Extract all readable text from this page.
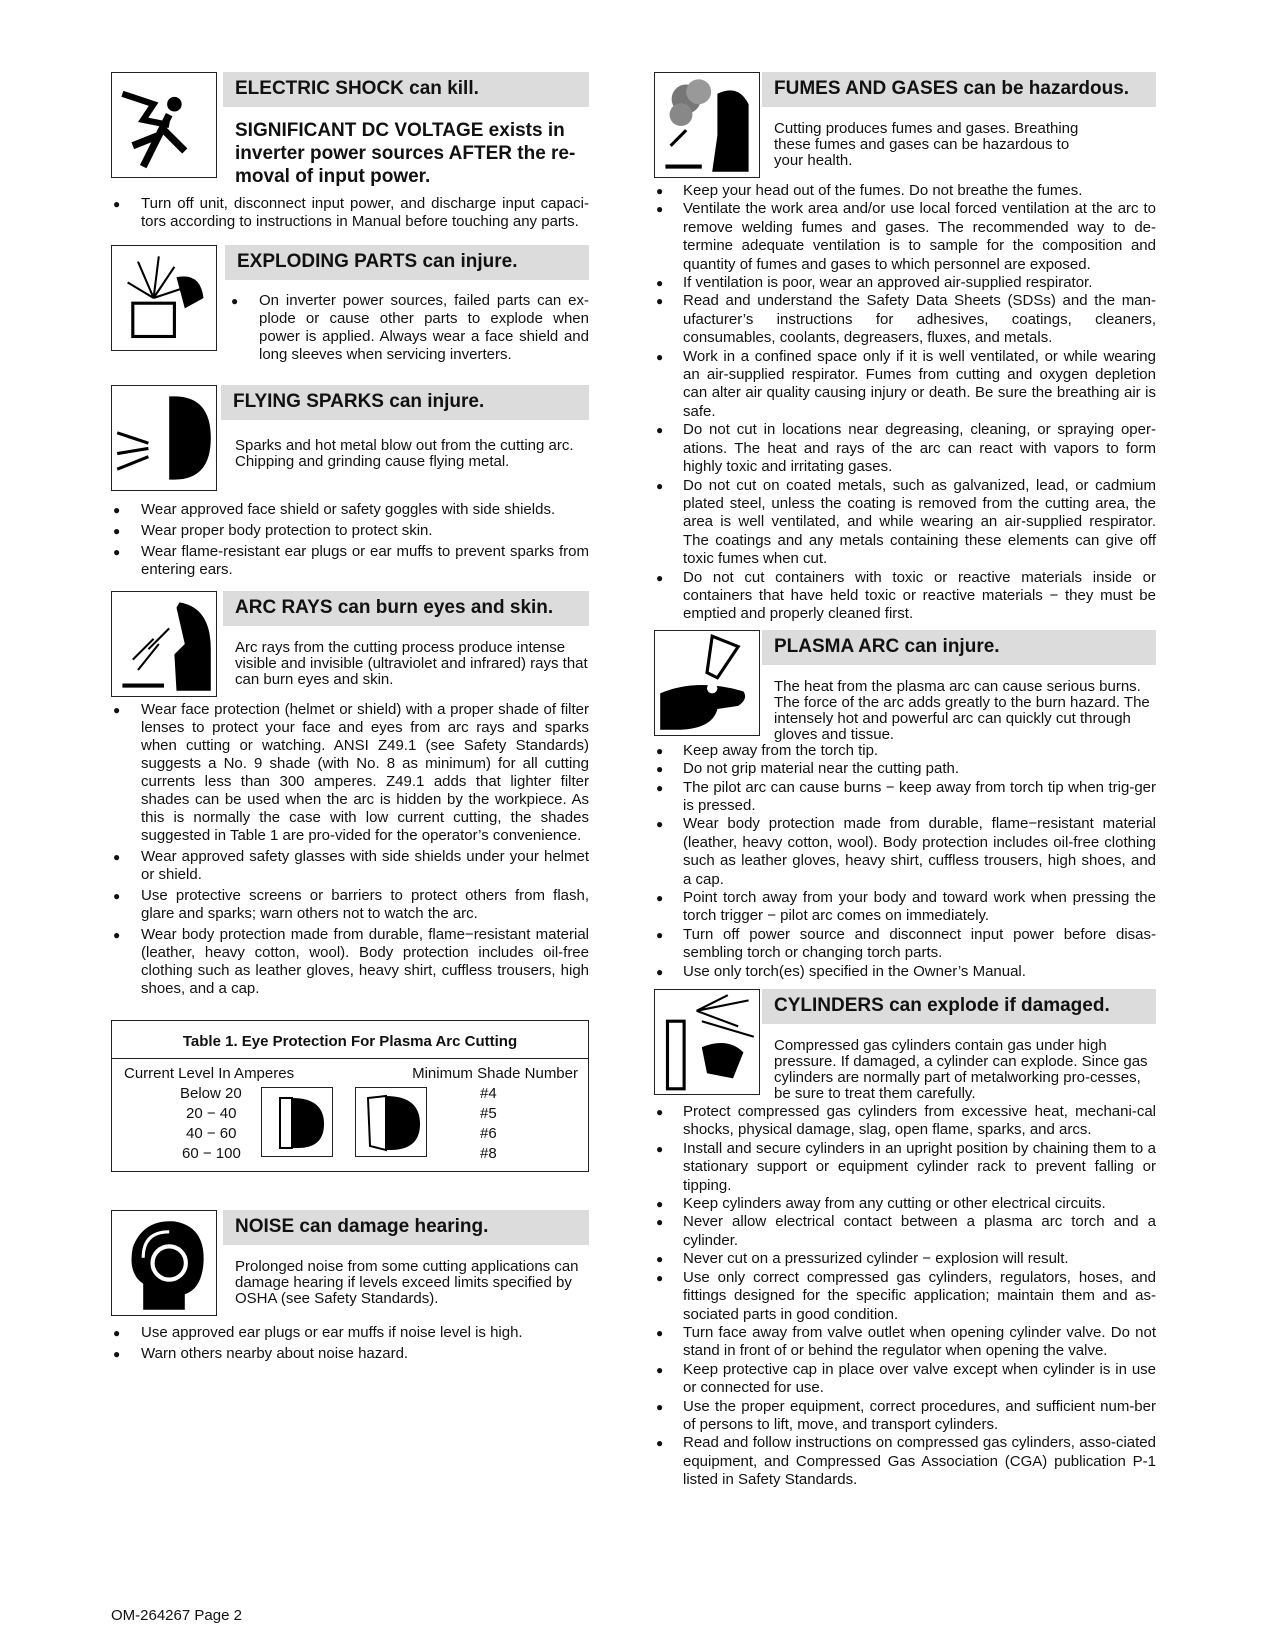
ELECTRIC SHOCK can kill.
SIGNIFICANT DC VOLTAGE exists in inverter power sources AFTER the re-moval of input power.
● Turn off unit, disconnect input power, and discharge input capaci-tors according to instructions in Manual before touching any parts.
EXPLODING PARTS can injure.
● On inverter power sources, failed parts can ex-plode or cause other parts to explode when power is applied. Always wear a face shield and long sleeves when servicing inverters.
FLYING SPARKS can injure.
Sparks and hot metal blow out from the cutting arc. Chipping and grinding cause flying metal.
● Wear approved face shield or safety goggles with side shields.
● Wear proper body protection to protect skin.
● Wear flame-resistant ear plugs or ear muffs to prevent sparks from entering ears.
ARC RAYS can burn eyes and skin.
Arc rays from the cutting process produce intense visible and invisible (ultraviolet and infrared) rays that can burn eyes and skin.
● Wear face protection (helmet or shield) with a proper shade of filter lenses to protect your face and eyes from arc rays and sparks when cutting or watching. ANSI Z49.1 (see Safety Standards) suggests a No. 9 shade (with No. 8 as minimum) for all cutting currents less than 300 amperes. Z49.1 adds that lighter filter shades can be used when the arc is hidden by the workpiece. As this is normally the case with low current cutting, the shades suggested in Table 1 are pro-vided for the operator’s convenience.
● Wear approved safety glasses with side shields under your helmet or shield.
● Use protective screens or barriers to protect others from flash, glare and sparks; warn others not to watch the arc.
● Wear body protection made from durable, flame−resistant material (leather, heavy cotton, wool). Body protection includes oil-free clothing such as leather gloves, heavy shirt, cuffless trousers, high shoes, and a cap.
Table 1. Eye Protection For Plasma Arc Cutting
Current Level In Amperes	Minimum Shade Number
Below 20
20 − 40
40 − 60
60 − 100
#4
#5
#6
#8
NOISE can damage hearing.
Prolonged noise from some cutting applications can damage hearing if levels exceed limits specified by OSHA (see Safety Standards).
● Use approved ear plugs or ear muffs if noise level is high.
● Warn others nearby about noise hazard.
FUMES AND GASES can be hazardous.
Cutting produces fumes and gases. Breathing these fumes and gases can be hazardous to your health.
● Keep your head out of the fumes. Do not breathe the fumes.
● Ventilate the work area and/or use local forced ventilation at the arc to remove welding fumes and gases. The recommended way to de-termine adequate ventilation is to sample for the composition and quantity of fumes and gases to which personnel are exposed.
● If ventilation is poor, wear an approved air-supplied respirator.
● Read and understand the Safety Data Sheets (SDSs) and the man-ufacturer’s instructions for adhesives, coatings, cleaners, consumables, coolants, degreasers, fluxes, and metals.
● Work in a confined space only if it is well ventilated, or while wearing an air-supplied respirator. Fumes from cutting and oxygen depletion can alter air quality causing injury or death. Be sure the breathing air is safe.
● Do not cut in locations near degreasing, cleaning, or spraying oper-ations. The heat and rays of the arc can react with vapors to form highly toxic and irritating gases.
● Do not cut on coated metals, such as galvanized, lead, or cadmium plated steel, unless the coating is removed from the cutting area, the area is well ventilated, and while wearing an air-supplied respirator. The coatings and any metals containing these elements can give off toxic fumes when cut.
● Do not cut containers with toxic or reactive materials inside or containers that have held toxic or reactive materials − they must be emptied and properly cleaned first.
PLASMA ARC can injure.
The heat from the plasma arc can cause serious burns. The force of the arc adds greatly to the burn hazard. The intensely hot and powerful arc can quickly cut through gloves and tissue.
● Keep away from the torch tip.
● Do not grip material near the cutting path.
● The pilot arc can cause burns − keep away from torch tip when trig-ger is pressed.
● Wear body protection made from durable, flame−resistant material (leather, heavy cotton, wool). Body protection includes oil-free clothing such as leather gloves, heavy shirt, cuffless trousers, high shoes, and a cap.
● Point torch away from your body and toward work when pressing the torch trigger − pilot arc comes on immediately.
● Turn off power source and disconnect input power before disas-sembling torch or changing torch parts.
● Use only torch(es) specified in the Owner’s Manual.
CYLINDERS can explode if damaged.
Compressed gas cylinders contain gas under high pressure. If damaged, a cylinder can explode. Since gas cylinders are normally part of metalworking pro-cesses, be sure to treat them carefully.
● Protect compressed gas cylinders from excessive heat, mechani-cal shocks, physical damage, slag, open flame, sparks, and arcs.
● Install and secure cylinders in an upright position by chaining them to a stationary support or equipment cylinder rack to prevent falling or tipping.
● Keep cylinders away from any cutting or other electrical circuits.
● Never allow electrical contact between a plasma arc torch and a cylinder.
● Never cut on a pressurized cylinder − explosion will result.
● Use only correct compressed gas cylinders, regulators, hoses, and fittings designed for the specific application; maintain them and as-sociated parts in good condition.
● Turn face away from valve outlet when opening cylinder valve. Do not stand in front of or behind the regulator when opening the valve.
● Keep protective cap in place over valve except when cylinder is in use or connected for use.
● Use the proper equipment, correct procedures, and sufficient num-ber of persons to lift, move, and transport cylinders.
● Read and follow instructions on compressed gas cylinders, asso-ciated equipment, and Compressed Gas Association (CGA) publication P-1 listed in Safety Standards.
OM-264267 Page 2
